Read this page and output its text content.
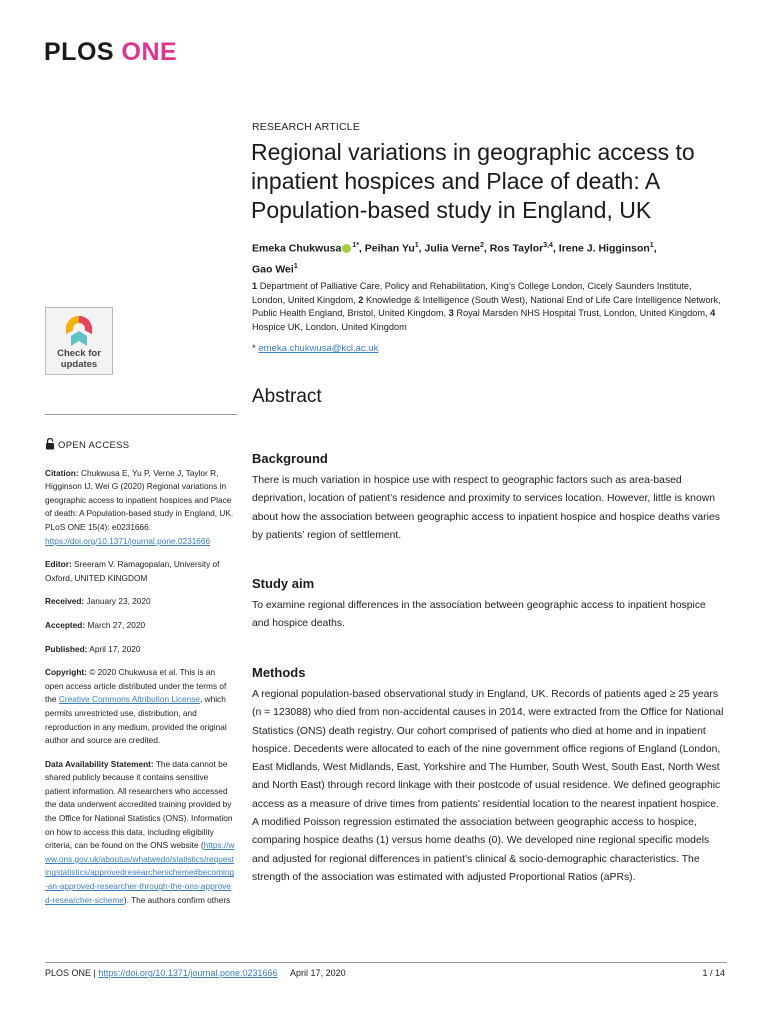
PLOS ONE
RESEARCH ARTICLE
Regional variations in geographic access to inpatient hospices and Place of death: A Population-based study in England, UK
Emeka Chukwusa $^{1*}$, Peihan Yu$^1$, Julia Verne$^2$, Ros Taylor$^{3,4}$, Irene J. Higginson$^1$,
Gao Wei$^1$
1 Department of Palliative Care, Policy and Rehabilitation, King’s College London, Cicely Saunders Institute, London, United Kingdom, 2 Knowledge & Intelligence (South West), National End of Life Care Intelligence Network, Public Health England, Bristol, United Kingdom, 3 Royal Marsden NHS Hospital Trust, London, United Kingdom, 4 Hospice UK, London, United Kingdom
* emeka.chukwusa@kcl.ac.uk
Check for
updates
Abstract
OPEN ACCESS

Citation: Chukwusa E, Yu P, Verne J, Taylor R, Higginson IJ, Wei G (2020) Regional variations in geographic access to inpatient hospices and Place of death: A Population-based study in England, UK. PLoS ONE 15(4): e0231666. https://doi.org/10.1371/journal.pone.0231666

Editor: Sreeram V. Ramagopalan, University of Oxford, UNITED KINGDOM

Received: January 23, 2020

Accepted: March 27, 2020

Published: April 17, 2020

Copyright: © 2020 Chukwusa et al. This is an open access article distributed under the terms of the Creative Commons Attribution License, which permits unrestricted use, distribution, and reproduction in any medium, provided the original author and source are credited.

Data Availability Statement: The data cannot be shared publicly because it contains sensitive patient information. All researchers who accessed the data underwent accredited training provided by the Office for National Statistics (ONS). Information on how to access this data, including eligibility criteria, can be found on the ONS website (https://www.ons.gov.uk/aboutus/whatwedo/statistics/requestingstatistics/approvedresearcherscheme#becoming-an-approved-researcher-through-the-ons-approved-researcher-scheme). The authors confirm others

Background

There is much variation in hospice use with respect to geographic factors such as area-based deprivation, location of patient’s residence and proximity to services location. However, little is known about how the association between geographic access to inpatient hospice and hospice deaths varies by patients’ region of settlement.

Study aim

To examine regional differences in the association between geographic access to inpatient hospice and hospice deaths.

Methods

A regional population-based observational study in England, UK. Records of patients aged ≥ 25 years (n = 123088) who died from non-accidental causes in 2014, were extracted from the Office for National Statistics (ONS) death registry. Our cohort comprised of patients who died at home and in inpatient hospice. Decedents were allocated to each of the nine government office regions of England (London, East Midlands, West Midlands, East, Yorkshire and The Humber, South West, South East, North West and North East) through record linkage with their postcode of usual residence. We defined geographic access as a measure of drive times from patients’ residential location to the nearest inpatient hospice. A modified Poisson regression estimated the association between geographic access to hospice, comparing hospice deaths (1) versus home deaths (0). We developed nine regional specific models and adjusted for regional differences in patient’s clinical & socio-demographic characteristics. The strength of the association was estimated with adjusted Proportional Ratios (aPRs).

PLOS ONE | https://doi.org/10.1371/journal.pone.0231666 April 17, 2020	1 / 14
